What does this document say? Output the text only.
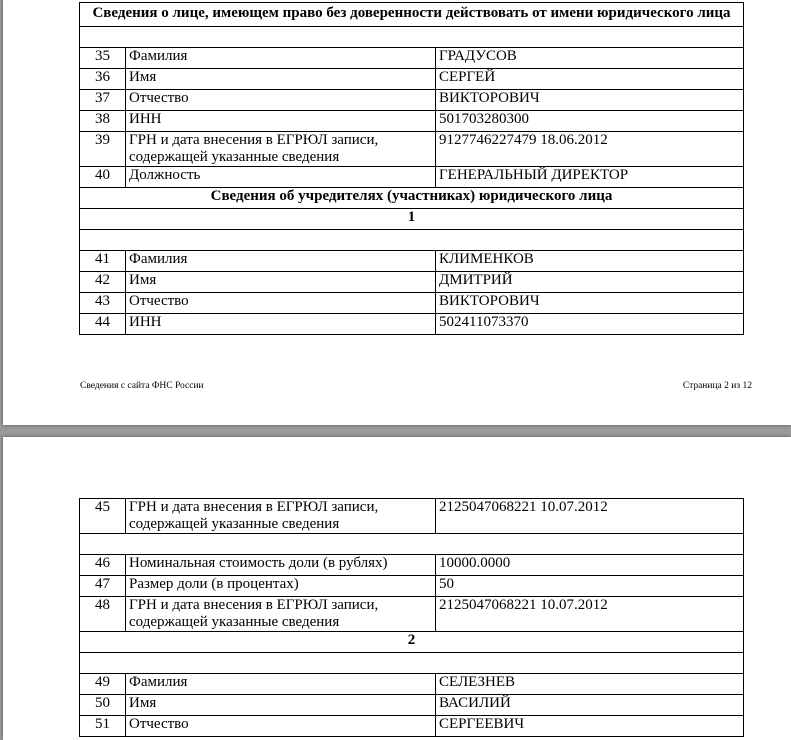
Сведения о лице, имеющем право без доверенности действовать от имени юридического лица		

35	Фамилия	ГРАДУСОВ
36	Имя	СЕРГЕЙ
37	Отчество	ВИКТОРОВИЧ
38	ИНН	501703280300
39	ГРН и дата внесения в ЕГРЮЛ записи, содержащей указанные сведения	9127746227479 18.06.2012
40	Должность	ГЕНЕРАЛЬНЫЙ ДИРЕКТОР
Сведения об учредителях (участниках) юридического лица		
1		

41	Фамилия	КЛИМЕНКОВ
42	Имя	ДМИТРИЙ
43	Отчество	ВИКТОРОВИЧ
44	ИНН	502411073370
Сведения с сайта ФНС России	Страница 2 из 12
45	ГРН и дата внесения в ЕГРЮЛ записи, содержащей указанные сведения	2125047068221 10.07.2012

46	Номинальная стоимость доли (в рублях)	10000.0000
47	Размер доли (в процентах)	50
48	ГРН и дата внесения в ЕГРЮЛ записи, содержащей указанные сведения	2125047068221 10.07.2012
2		

49	Фамилия	СЕЛЕЗНЕВ
50	Имя	ВАСИЛИЙ
51	Отчество	СЕРГЕЕВИЧ
